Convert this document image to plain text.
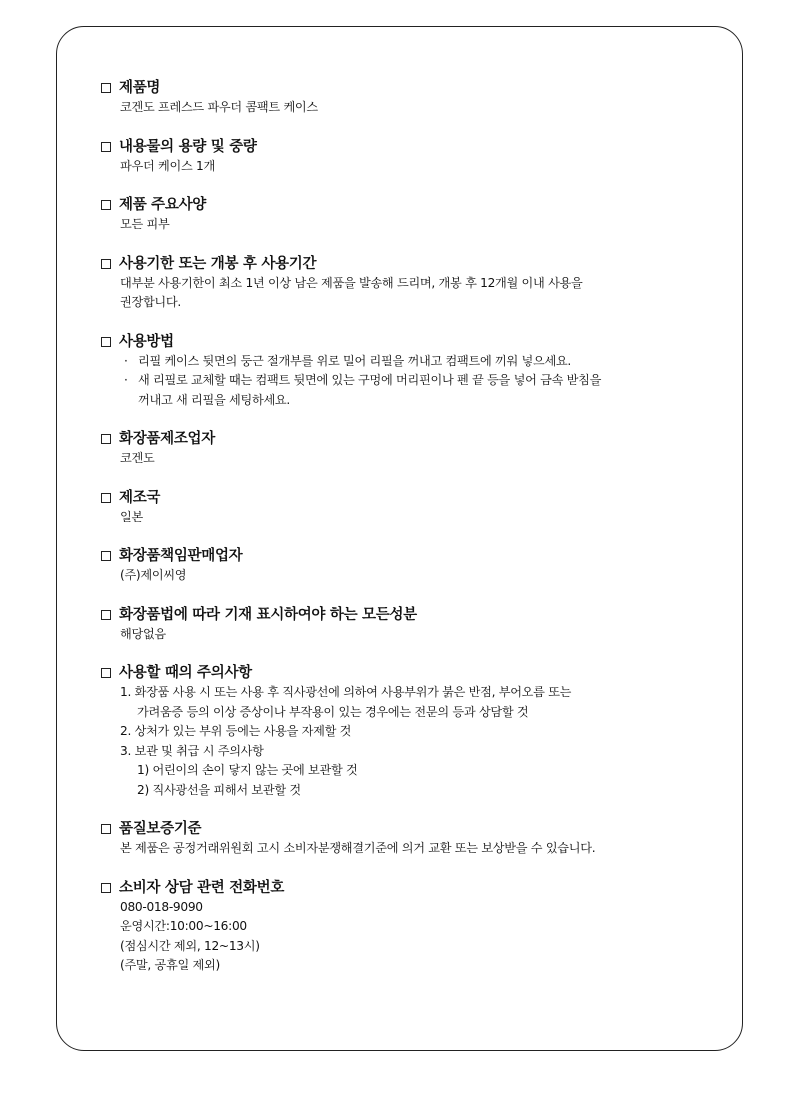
제품명
코겐도 프레스드 파우더 콤팩트 케이스
내용물의 용량 및 중량
파우더 케이스 1개
제품 주요사양
모든 피부
사용기한 또는 개봉 후 사용기간
대부분 사용기한이 최소 1년 이상 남은 제품을 발송해 드리며, 개봉 후 12개월 이내 사용을
권장합니다.
사용방법
· 리필 케이스 뒷면의 둥근 절개부를 위로 밀어 리필을 꺼내고 컴팩트에 끼워 넣으세요.
· 새 리필로 교체할 때는 컴팩트 뒷면에 있는 구멍에 머리핀이나 펜 끝 등을 넣어 금속 받침을
꺼내고 새 리필을 세팅하세요.
화장품제조업자
코겐도
제조국
일본
화장품책임판매업자
(주)제이씨영
화장품법에 따라 기재 표시하여야 하는 모든성분
해당없음
사용할 때의 주의사항
1. 화장품 사용 시 또는 사용 후 직사광선에 의하여 사용부위가 붉은 반점, 부어오름 또는
가려움증 등의 이상 증상이나 부작용이 있는 경우에는 전문의 등과 상담할 것
2. 상처가 있는 부위 등에는 사용을 자제할 것
3. 보관 및 취급 시 주의사항
1) 어린이의 손이 닿지 않는 곳에 보관할 것
2) 직사광선을 피해서 보관할 것
품질보증기준
본 제품은 공정거래위원회 고시 소비자분쟁해결기준에 의거 교환 또는 보상받을 수 있습니다.
소비자 상담 관련 전화번호
080-018-9090
운영시간:10:00~16:00
(점심시간 제외, 12~13시)
(주말, 공휴일 제외)
